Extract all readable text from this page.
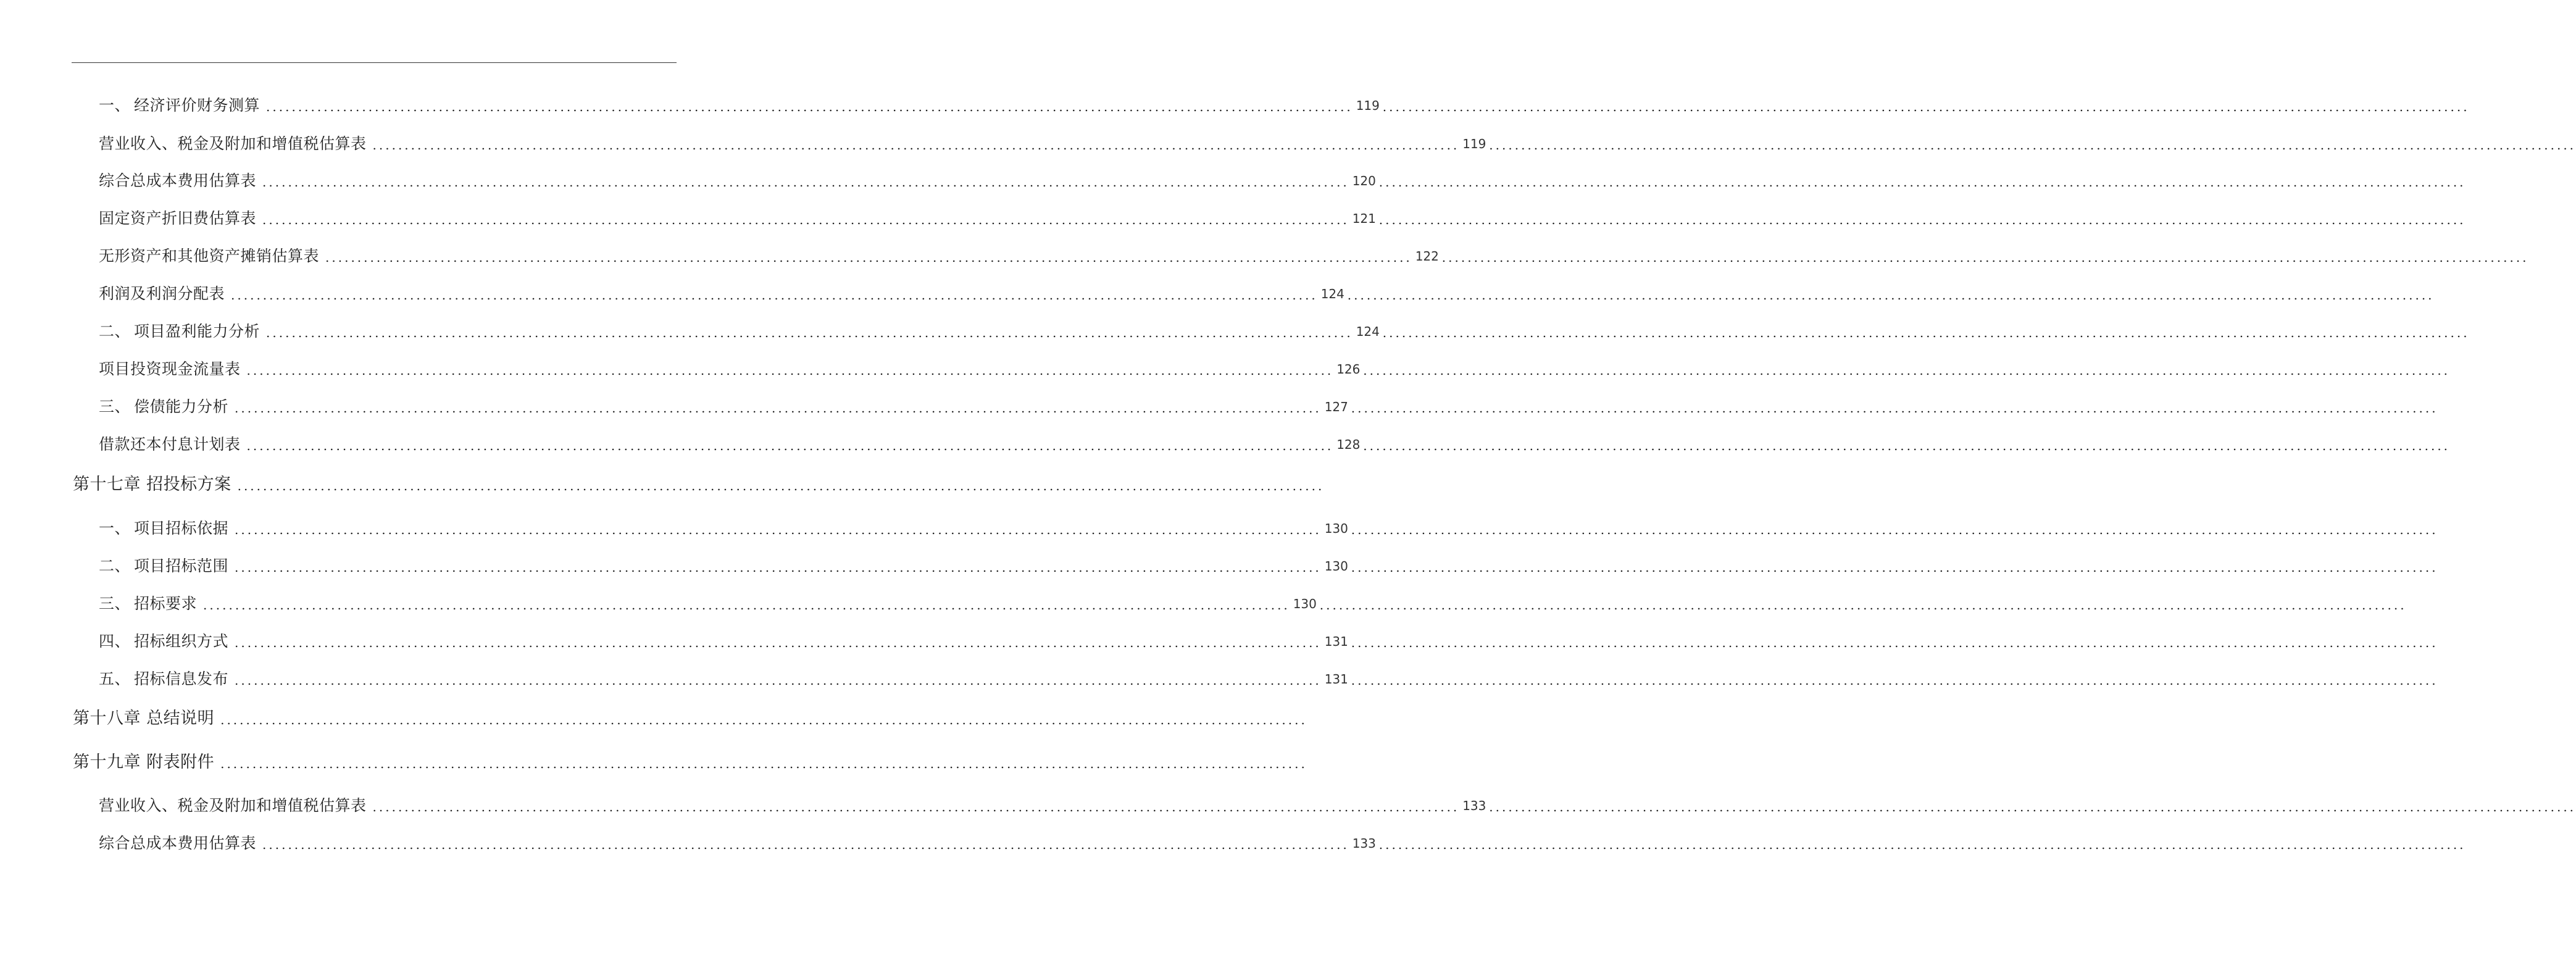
一、 经济评价财务测算 .......................................................................................................................................................................... 119 ..........................................................................................................................................................................
营业收入、税金及附加和增值税估算表 .......................................................................................................................................................................... 119 ..........................................................................................................................................................................
综合总成本费用估算表 .......................................................................................................................................................................... 120 ..........................................................................................................................................................................
固定资产折旧费估算表 .......................................................................................................................................................................... 121 ..........................................................................................................................................................................
无形资产和其他资产摊销估算表 .......................................................................................................................................................................... 122 ..........................................................................................................................................................................
利润及利润分配表 .......................................................................................................................................................................... 124 ..........................................................................................................................................................................
二、 项目盈利能力分析 .......................................................................................................................................................................... 124 ..........................................................................................................................................................................
项目投资现金流量表 .......................................................................................................................................................................... 126 ..........................................................................................................................................................................
三、 偿债能力分析 .......................................................................................................................................................................... 127 ..........................................................................................................................................................................
借款还本付息计划表 .......................................................................................................................................................................... 128 ..........................................................................................................................................................................
第十七章 招投标方案 ..........................................................................................................................................................................
一、 项目招标依据 .......................................................................................................................................................................... 130 ..........................................................................................................................................................................
二、 项目招标范围 .......................................................................................................................................................................... 130 ..........................................................................................................................................................................
三、 招标要求 .......................................................................................................................................................................... 130 ..........................................................................................................................................................................
四、 招标组织方式 .......................................................................................................................................................................... 131 ..........................................................................................................................................................................
五、 招标信息发布 .......................................................................................................................................................................... 131 ..........................................................................................................................................................................
第十八章 总结说明 ..........................................................................................................................................................................
第十九章 附表附件 ..........................................................................................................................................................................
营业收入、税金及附加和增值税估算表 .......................................................................................................................................................................... 133 ..........................................................................................................................................................................
综合总成本费用估算表 .......................................................................................................................................................................... 133 ..........................................................................................................................................................................
